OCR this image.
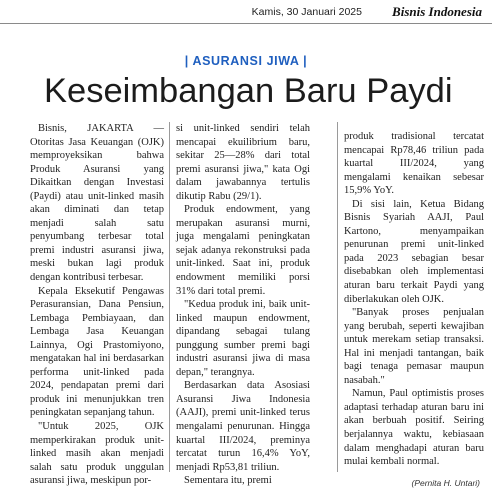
Kamis, 30 Januari 2025 Bisnis Indonesia
| ASURANSI JIWA |
Keseimbangan Baru Paydi

Bisnis, JAKARTA — Otoritas Jasa Keuangan (OJK) memproyeksikan bahwa Produk Asuransi yang Dikaitkan dengan Investasi (Paydi) atau unit-linked masih akan diminati dan tetap menjadi salah satu penyumbang terbesar total premi industri asuransi jiwa, meski bukan lagi produk dengan kontribusi terbesar.

Kepala Eksekutif Pengawas Perasuransian, Dana Pensiun, Lembaga Pembiayaan, dan Lembaga Jasa Keuangan Lainnya, Ogi Prastomiyono, mengatakan hal ini berdasarkan performa unit-linked pada 2024, pendapatan premi dari produk ini menunjukkan tren peningkatan sepanjang tahun.

"Untuk 2025, OJK memperkirakan produk unit-linked masih akan menjadi salah satu produk unggulan asuransi jiwa, meskipun por-

si unit-linked sendiri telah mencapai ekuilibrium baru, sekitar 25—28% dari total premi asuransi jiwa," kata Ogi dalam jawabannya tertulis dikutip Rabu (29/1).

Produk endowment, yang merupakan asuransi murni, juga mengalami peningkatan sejak adanya rekonstruksi pada unit-linked. Saat ini, produk endowment memiliki porsi 31% dari total premi.

"Kedua produk ini, baik unit-linked maupun endowment, dipandang sebagai tulang punggung sumber premi bagi industri asuransi jiwa di masa depan," terangnya.

Berdasarkan data Asosiasi Asuransi Jiwa Indonesia (AAJI), premi unit-linked terus mengalami penurunan. Hingga kuartal III/2024, preminya tercatat turun 16,4% YoY, menjadi Rp53,81 triliun.

Sementara itu, premi

produk tradisional tercatat mencapai Rp78,46 triliun pada kuartal III/2024, yang mengalami kenaikan sebesar 15,9% YoY.

Di sisi lain, Ketua Bidang Bisnis Syariah AAJI, Paul Kartono, menyampaikan penurunan premi unit-linked pada 2023 sebagian besar disebabkan oleh implementasi aturan baru terkait Paydi yang diberlakukan oleh OJK.

"Banyak proses penjualan yang berubah, seperti kewajiban untuk merekam setiap transaksi. Hal ini menjadi tantangan, baik bagi tenaga pemasar maupun nasabah."

Namun, Paul optimistis proses adaptasi terhadap aturan baru ini akan berbuah positif. Seiring berjalannya waktu, kebiasaan dalam menghadapi aturan baru mulai kembali normal.

(Pernita H. Untari)
